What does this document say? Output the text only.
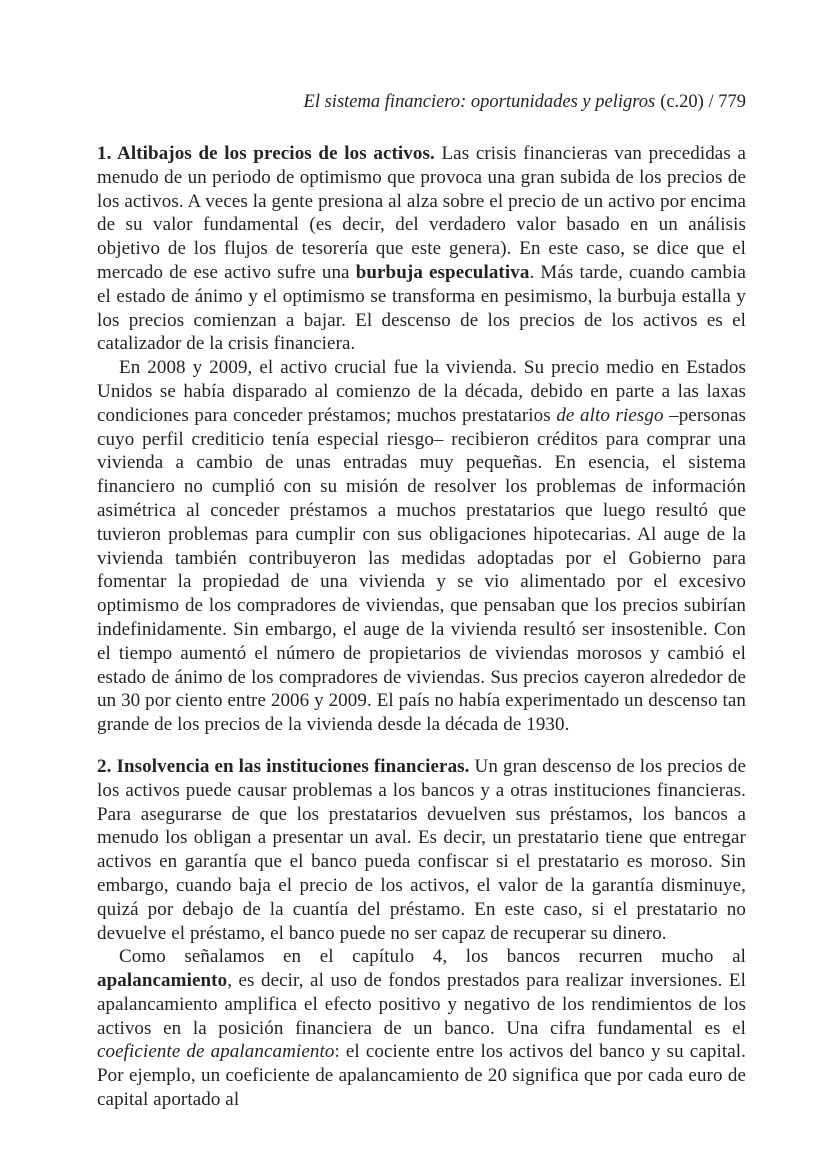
El sistema financiero: oportunidades y peligros (c.20) / 779

1. Altibajos de los precios de los activos. Las crisis financieras van precedidas a menudo de un periodo de optimismo que provoca una gran subida de los precios de los activos. A veces la gente presiona al alza sobre el precio de un activo por encima de su valor fundamental (es decir, del verdadero valor basado en un análisis objetivo de los flujos de tesorería que este genera). En este caso, se dice que el mercado de ese activo sufre una burbuja especulativa. Más tarde, cuando cambia el estado de ánimo y el optimismo se transforma en pesimismo, la burbuja estalla y los precios comienzan a bajar. El descenso de los precios de los activos es el catalizador de la crisis financiera.

En 2008 y 2009, el activo crucial fue la vivienda. Su precio medio en Estados Unidos se había disparado al comienzo de la década, debido en parte a las laxas condiciones para conceder préstamos; muchos prestatarios de alto riesgo –personas cuyo perfil crediticio tenía especial riesgo– recibieron créditos para comprar una vivienda a cambio de unas entradas muy pequeñas. En esencia, el sistema financiero no cumplió con su misión de resolver los problemas de información asimétrica al conceder préstamos a muchos prestatarios que luego resultó que tuvieron problemas para cumplir con sus obligaciones hipotecarias. Al auge de la vivienda también contribuyeron las medidas adoptadas por el Gobierno para fomentar la propiedad de una vivienda y se vio alimentado por el excesivo optimismo de los compradores de viviendas, que pensaban que los precios subirían indefinidamente. Sin embargo, el auge de la vivienda resultó ser insostenible. Con el tiempo aumentó el número de propietarios de viviendas morosos y cambió el estado de ánimo de los compradores de viviendas. Sus precios cayeron alrededor de un 30 por ciento entre 2006 y 2009. El país no había experimentado un descenso tan grande de los precios de la vivienda desde la década de 1930.

2. Insolvencia en las instituciones financieras. Un gran descenso de los precios de los activos puede causar problemas a los bancos y a otras instituciones financieras. Para asegurarse de que los prestatarios devuelven sus préstamos, los bancos a menudo los obligan a presentar un aval. Es decir, un prestatario tiene que entregar activos en garantía que el banco pueda confiscar si el prestatario es moroso. Sin embargo, cuando baja el precio de los activos, el valor de la garantía disminuye, quizá por debajo de la cuantía del préstamo. En este caso, si el prestatario no devuelve el préstamo, el banco puede no ser capaz de recuperar su dinero.

Como señalamos en el capítulo 4, los bancos recurren mucho al apalancamiento, es decir, al uso de fondos prestados para realizar inversiones. El apalancamiento amplifica el efecto positivo y negativo de los rendimientos de los activos en la posición financiera de un banco. Una cifra fundamental es el coeficiente de apalancamiento: el cociente entre los activos del banco y su capital. Por ejemplo, un coeficiente de apalancamiento de 20 significa que por cada euro de capital aportado al
